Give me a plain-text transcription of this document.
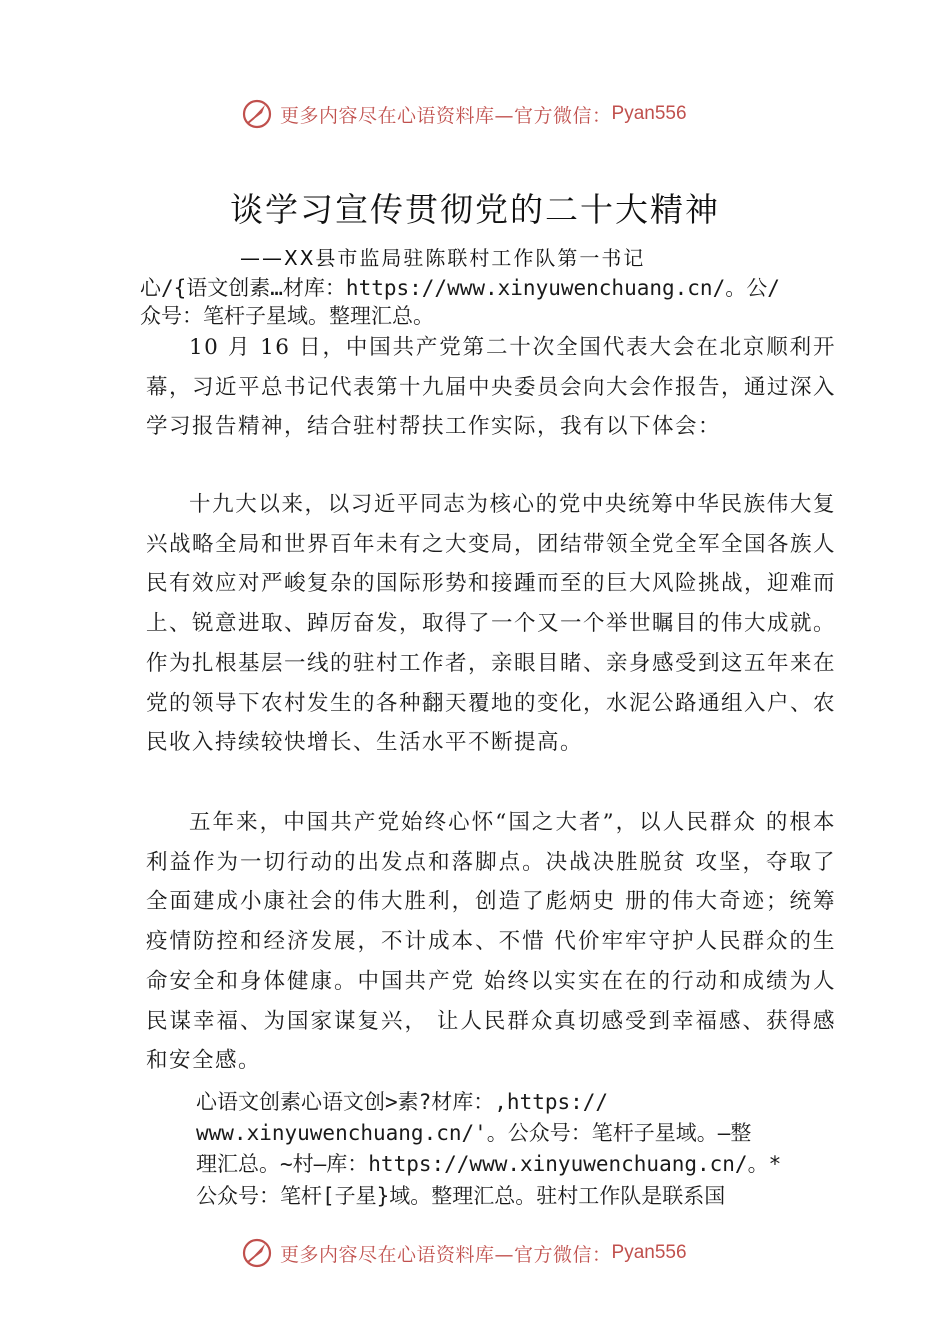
更多内容尽在心语资料库—官方微信： Pyan556
谈学习宣传贯彻党的二十大精神
——XX县市监局驻陈联村工作队第一书记
心/{语文创素…材库：https://www.xinyuwenchuang.cn/。公/
众号：笔杆子星域。整理汇总。

10 月 16 日，中国共产党第二十次全国代表大会在北京顺利开幕，习近平总书记代表第十九届中央委员会向大会作报告，通过深入学习报告精神，结合驻村帮扶工作实际，我有以下体会：

十九大以来，以习近平同志为核心的党中央统筹中华民族伟大复兴战略全局和世界百年未有之大变局，团结带领全党全军全国各族人民有效应对严峻复杂的国际形势和接踵而至的巨大风险挑战，迎难而上、锐意进取、踔厉奋发，取得了一个又一个举世瞩目的伟大成就。作为扎根基层一线的驻村工作者，亲眼目睹、亲身感受到这五年来在党的领导下农村发生的各种翻天覆地的变化，水泥公路通组入户、农民收入持续较快增长、生活水平不断提高。

五年来，中国共产党始终心怀“国之大者”，以人民群众 的根本利益作为一切行动的出发点和落脚点。决战决胜脱贫 攻坚，夺取了全面建成小康社会的伟大胜利，创造了彪炳史 册的伟大奇迹；统筹疫情防控和经济发展，不计成本、不惜 代价牢牢守护人民群众的生命安全和身体健康。中国共产党 始终以实实在在的行动和成绩为人民谋幸福、为国家谋复兴， 让人民群众真切感受到幸福感、获得感和安全感。

心语文创素心语文创>素?材库：,https://
www.xinyuwenchuang.cn/'。公众号：笔杆子星域。—整
理汇总。~村—库：https://www.xinyuwenchuang.cn/。*
公众号：笔杆[子星}域。整理汇总。驻村工作队是联系国
更多内容尽在心语资料库—官方微信： Pyan556
